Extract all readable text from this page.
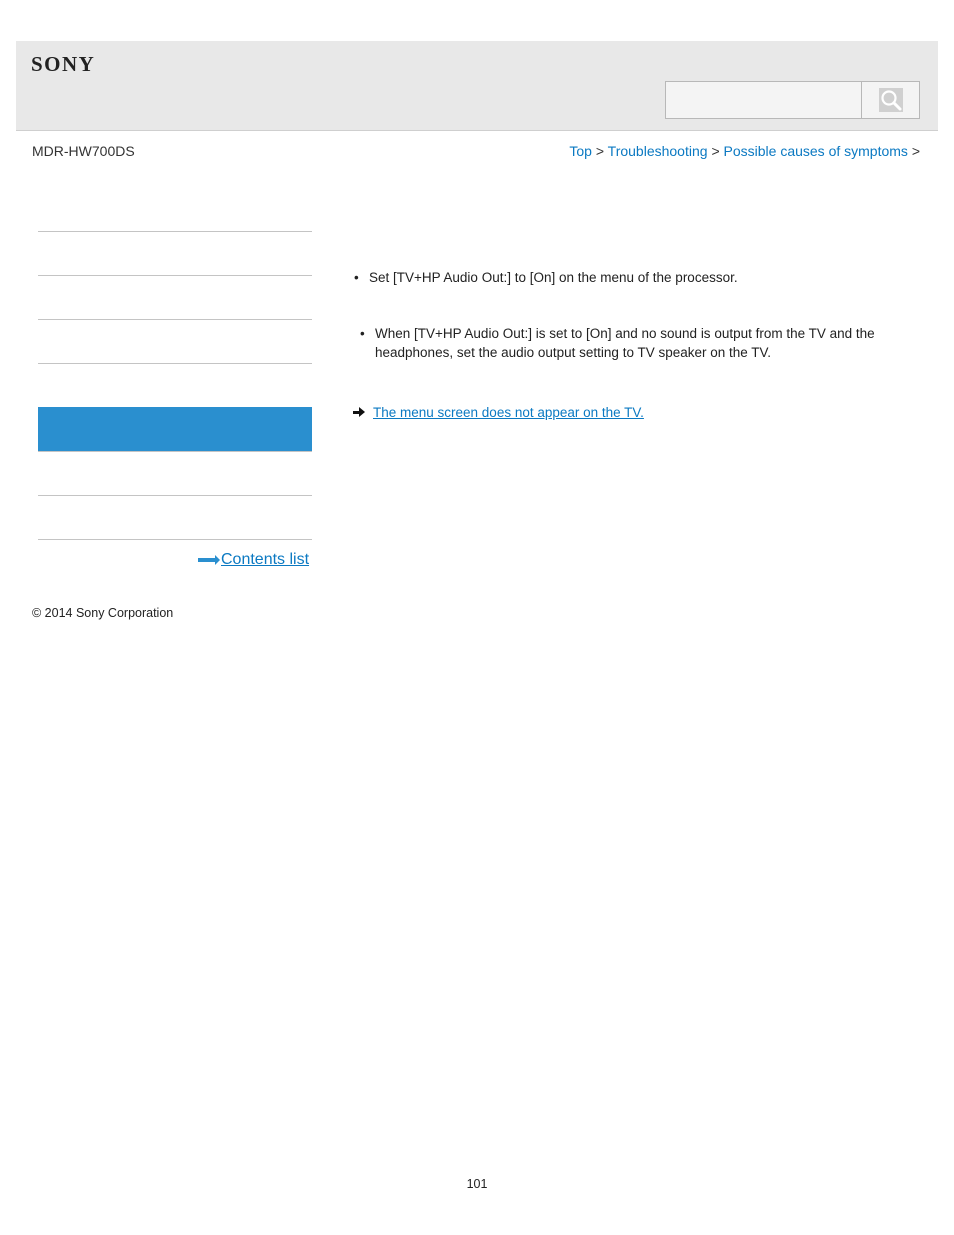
SONY
MDR-HW700DS	Top > Troubleshooting > Possible causes of symptoms >
Contents list
© 2014 Sony Corporation
• Set [TV+HP Audio Out:] to [On] on the menu of the processor.
• When [TV+HP Audio Out:] is set to [On] and no sound is output from the TV and the headphones, set the audio output setting to TV speaker on the TV.
The menu screen does not appear on the TV.
101
